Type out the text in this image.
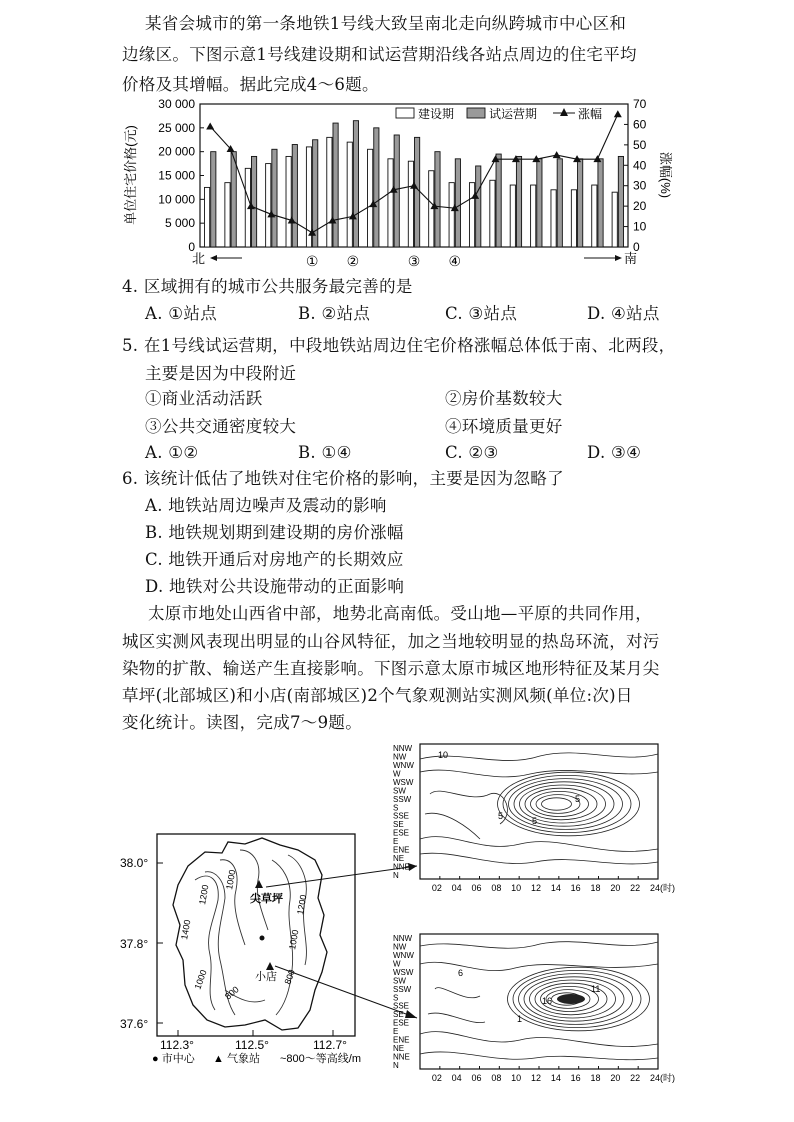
某省会城市的第一条地铁1号线大致呈南北走向纵跨城市中心区和
边缘区。下图示意1号线建设期和试运营期沿线各站点周边的住宅平均
价格及其增幅。据此完成4～6题。
0
5 000
10 000
15 000
20 000
25 000
30 000
0
10
20
30
40
50
60
70
单位住宅价格(元)	涨幅(%)
建设期	试运营期	涨幅
北	南
① ②	③ ④
4. 区域拥有的城市公共服务最完善的是
A. ①站点	B. ②站点	C. ③站点	D. ④站点
5. 在1号线试运营期，中段地铁站周边住宅价格涨幅总体低于南、北两段，
主要是因为中段附近
①商业活动活跃	②房价基数较大
③公共交通密度较大	④环境质量更好
A. ①②	B. ①④	C. ②③	D. ③④
6. 该统计低估了地铁对住宅价格的影响，主要是因为忽略了
A. 地铁站周边噪声及震动的影响
B. 地铁规划期到建设期的房价涨幅
C. 地铁开通后对房地产的长期效应
D. 地铁对公共设施带动的正面影响
太原市地处山西省中部，地势北高南低。受山地—平原的共同作用，
城区实测风表现出明显的山谷风特征，加之当地较明显的热岛环流，对污
染物的扩散、输送产生直接影响。下图示意太原市城区地形特征及某月尖
草坪(北部城区)和小店(南部城区)2个气象观测站实测风频(单位:次)日
变化统计。读图，完成7～9题。
38.0°
37.8°
37.6°
112.3°	112.5°	112.7°
1200
1000
1400
1000
800
1200
1000
800
尖草坪
小店
● 市中心 ▲ 气象站 ~800～等高线/m
NNW
NW
WNW
W
WSW
SW
SSW
S
SSE
SE
ESE
E
ENE
NE
NNE
N
02 04 06 08 10 12 14 16 18 20 22 24(时)
10
5
5
5
NNW
NW
WNW
W
WSW
SW
SSW
S
SSE
SE
ESE
E
ENE
NE
NNE
N
02 04 06 08 10 12 14 16 18 20 22 24(时)
6
11
16
1
